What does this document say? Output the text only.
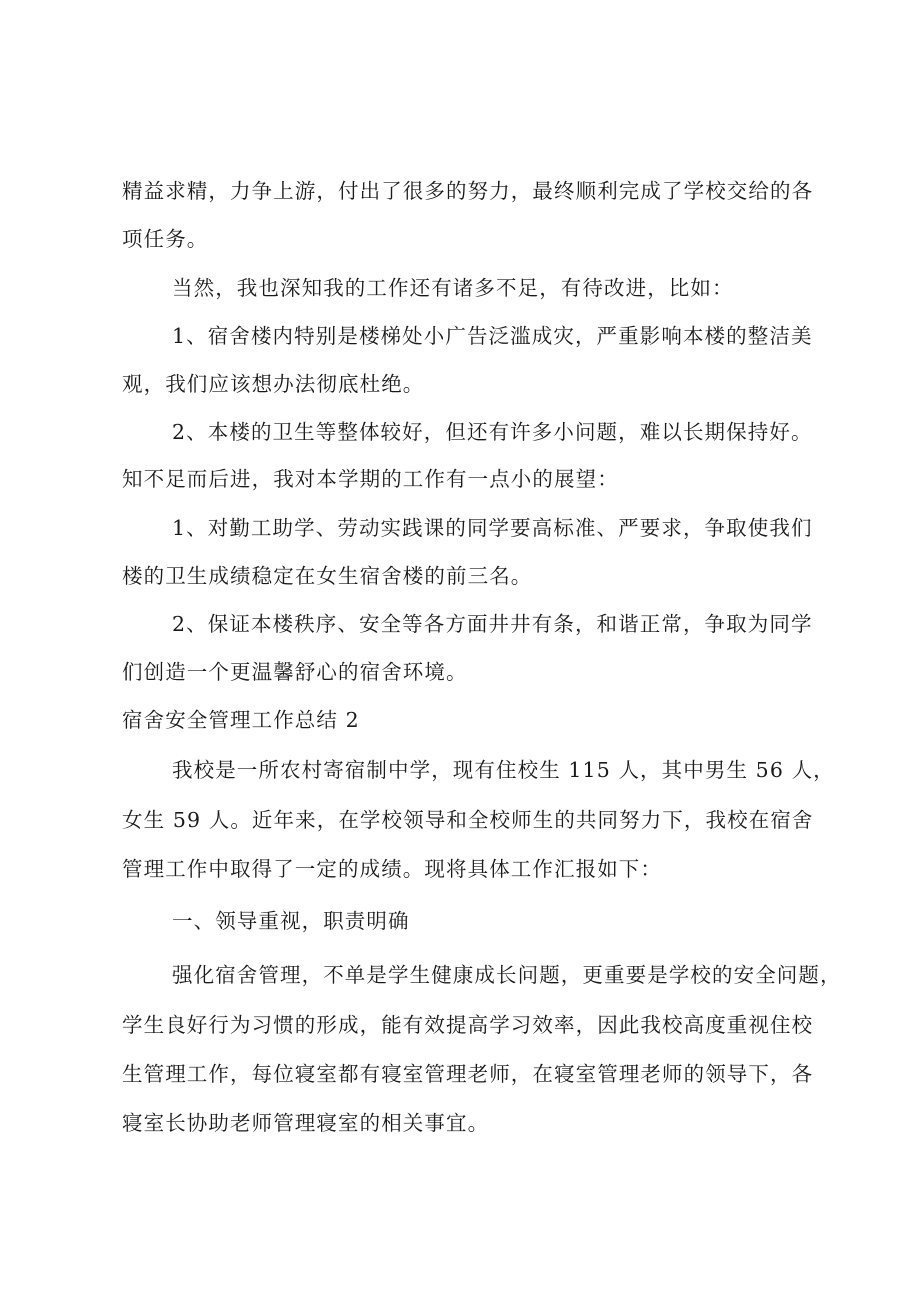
精益求精，力争上游，付出了很多的努力，最终顺利完成了学校交给的各
项任务。
当然，我也深知我的工作还有诸多不足，有待改进，比如：
1、宿舍楼内特别是楼梯处小广告泛滥成灾，严重影响本楼的整洁美
观，我们应该想办法彻底杜绝。
2、本楼的卫生等整体较好，但还有许多小问题，难以长期保持好。
知不足而后进，我对本学期的工作有一点小的展望：
1、对勤工助学、劳动实践课的同学要高标准、严要求，争取使我们
楼的卫生成绩稳定在女生宿舍楼的前三名。
2、保证本楼秩序、安全等各方面井井有条，和谐正常，争取为同学
们创造一个更温馨舒心的宿舍环境。
宿舍安全管理工作总结 2
我校是一所农村寄宿制中学，现有住校生 115 人，其中男生 56 人，
女生 59 人。近年来，在学校领导和全校师生的共同努力下，我校在宿舍
管理工作中取得了一定的成绩。现将具体工作汇报如下：
一、领导重视，职责明确
强化宿舍管理，不单是学生健康成长问题，更重要是学校的安全问题，
学生良好行为习惯的形成，能有效提高学习效率，因此我校高度重视住校
生管理工作，每位寝室都有寝室管理老师，在寝室管理老师的领导下，各
寝室长协助老师管理寝室的相关事宜。
